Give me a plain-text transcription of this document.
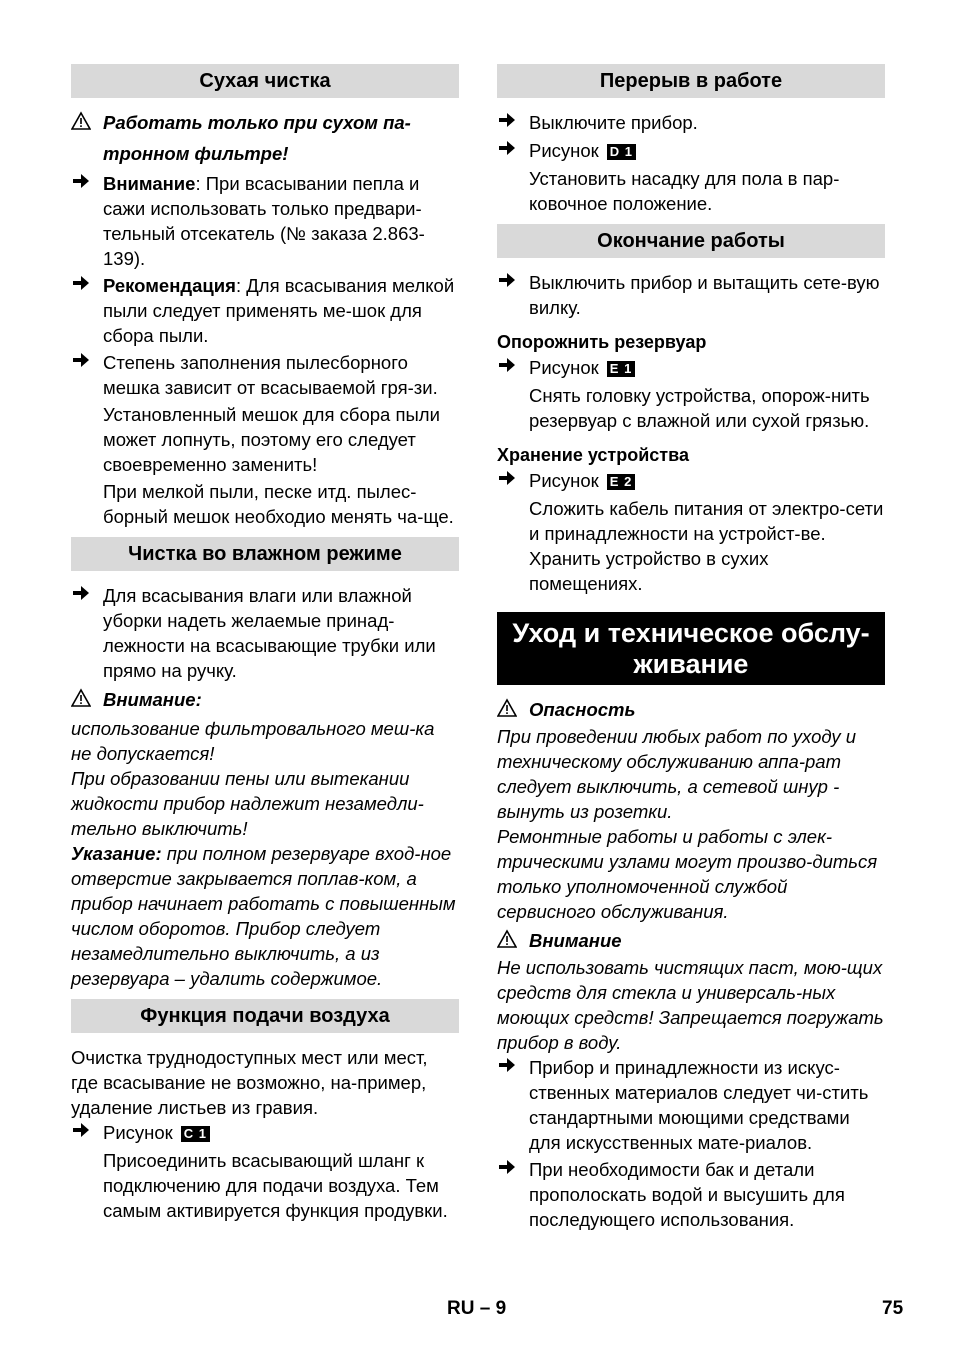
Сухая чистка
Работать только при сухом па-
тронном фильтре!
Внимание: При всасывании пепла и сажи использовать только предвари-тельный отсекатель (№ заказа 2.863-139).
Рекомендация: Для всасывания мелкой пыли следует применять ме-шок для сбора пыли.
Степень заполнения пылесборного мешка зависит от всасываемой гря-зи.

Установленный мешок для сбора пыли может лопнуть, поэтому его следует своевременно заменить!

При мелкой пыли, песке итд. пылес-борный мешок необходио менять ча-ще.

Чистка во влажном режиме
Для всасывания влаги или влажной уборки надеть желаемые принад-лежности на всасывающие трубки или прямо на ручку.
Внимание:

использование фильтровального меш-ка не допускается!

При образовании пены или вытекании жидкости прибор надлежит незамедли-тельно выключить!

Указание: при полном резервуаре вход-ное отверстие закрывается поплав-ком, а прибор начинает работать с повышенным числом оборотов. Прибор следует незамедлительно выключить, а из резервуара – удалить содержимое.

Функция подачи воздуха

Очистка труднодоступных мест или мест, где всасывание не возможно, на-пример, удаление листьев из гравия.

Рисунок C 1

Присоединить всасывающий шланг к подключению для подачи воздуха. Тем самым активируется функция продувки.

Перерыв в работе
Выключите прибор.
Рисунок D 1

Установить насадку для пола в пар-ковочное положение.

Окончание работы
Выключить прибор и вытащить сете-вую вилку.
Опорожнить резервуар
Рисунок E 1

Снять головку устройства, опорож-нить резервуар с влажной или сухой грязью.

Хранение устройства
Рисунок E 2

Сложить кабель питания от электро-сети и принадлежности на устройст-ве. Хранить устройство в сухих помещениях.

Уход и техническое обслу-живание
Опасность

При проведении любых работ по уходу и техническому обслуживанию аппа-рат следует выключить, а сетевой шнур - вынуть из розетки.

Ремонтные работы и работы с элек-трическими узлами могут произво-диться только уполномоченной службой сервисного обслуживания.

Внимание

Не использовать чистящих паст, мою-щих средств для стекла и универсаль-ных моющих средств! Запрещается погружать прибор в воду.

Прибор и принадлежности из искус-ственных материалов следует чи-стить стандартными моющими средствами для искусственных мате-риалов.
При необходимости бак и детали прополоскать водой и высушить для последующего использования.
RU – 9	75
